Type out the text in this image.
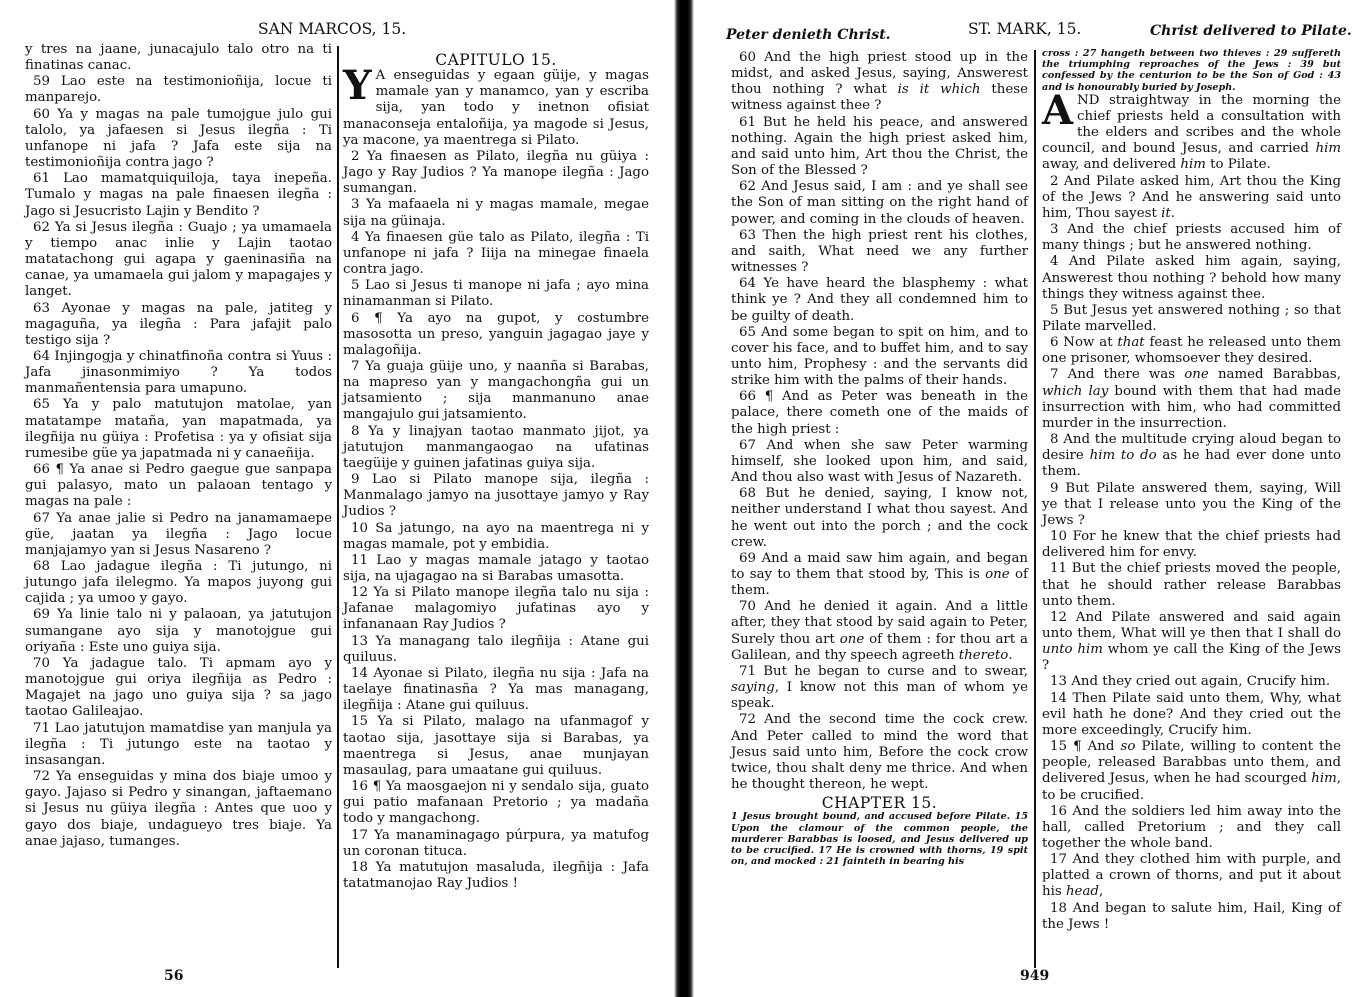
SAN MARCOS, 15.

y tres na jaane, junacajulo talo otro na ti finatinas canac.

59 Lao este na testimonioñija, locue ti manparejo.

60 Ya y magas na pale tumojgue julo gui talolo, ya jafaesen si Jesus ilegña : Ti unfanope ni jafa ? Jafa este sija na testimonioñija contra jago ?

61 Lao mamatquiquiloja, taya inepeña. Tumalo y magas na pale finaesen ilegña : Jago si Jesucristo Lajin y Bendito ?

62 Ya si Jesus ilegña : Guajo ; ya umamaela y tiempo anac inlie y Lajin taotao matatachong gui agapa y gaeninasiña na canae, ya umamaela gui jalom y mapagajes y langet.

63 Ayonae y magas na pale, jatiteg y magaguña, ya ilegña : Para jafajit palo testigo sija ?

64 Injingogja y chinatfinoña contra si Yuus : Jafa jinasonmimiyo ? Ya todos manmañentensia para umapuno.

65 Ya y palo matutujon matolae, yan matatampe mataña, yan mapatmada, ya ilegñija nu güiya : Profetisa : ya y ofisiat sija rumesibe güe ya japatmada ni y canaeñija.

66 ¶ Ya anae si Pedro gaegue gue sanpapa gui palasyo, mato un palaoan tentago y magas na pale :

67 Ya anae jalie si Pedro na janamamaepe güe, jaatan ya ilegña : Jago locue manjajamyo yan si Jesus Nasareno ?

68 Lao jadague ilegña : Ti jutungo, ni jutungo jafa ilelegmo. Ya mapos juyong gui cajida ; ya umoo y gayo.

69 Ya linie talo ni y palaoan, ya jatutujon sumangane ayo sija y manotojgue gui oriyaña : Este uno guiya sija.

70 Ya jadague talo. Ti apmam ayo y manotojgue gui oriya ilegñija as Pedro : Magajet na jago uno guiya sija ? sa jago taotao Galileajao.

71 Lao jatutujon mamatdise yan manjula ya ilegña : Ti jutungo este na taotao y insasangan.

72 Ya enseguidas y mina dos biaje umoo y gayo. Jajaso si Pedro y sinangan, jaftaemano si Jesus nu güiya ilegña : Antes que uoo y gayo dos biaje, undagueyo tres biaje. Ya anae jajaso, tumanges.

CAPITULO 15.

Y A enseguidas y egaan güije, y magas mamale yan y manamco, yan y escriba sija, yan todo y inetnon ofisiat manaconseja entaloñija, ya magode si Jesus, ya macone, ya maentrega si Pilato.

2 Ya finaesen as Pilato, ilegña nu güiya : Jago y Ray Judios ? Ya manope ilegña : Jago sumangan.

3 Ya mafaaela ni y magas mamale, megae sija na güinaja.

4 Ya finaesen güe talo as Pilato, ilegña : Ti unfanope ni jafa ? Iiija na minegae finaela contra jago.

5 Lao si Jesus ti manope ni jafa ; ayo mina ninamanman si Pilato.

6 ¶ Ya ayo na gupot, y costumbre masosotta un preso, yanguin jagagao jaye y malagoñija.

7 Ya guaja güije uno, y naanña si Barabas, na mapreso yan y mangachongña gui un jatsamiento ; sija manmanuno anae mangajulo gui jatsamiento.

8 Ya y linajyan taotao manmato jijot, ya jatutujon manmangaogao na ufatinas taegüije y guinen jafatinas guiya sija.

9 Lao si Pilato manope sija, ilegña : Manmalago jamyo na jusottaye jamyo y Ray Judios ?

10 Sa jatungo, na ayo na maentrega ni y magas mamale, pot y embidia.

11 Lao y magas mamale jatago y taotao sija, na ujagagao na si Barabas umasotta.

12 Ya si Pilato manope ilegña talo nu sija : Jafanae malagomiyo jufatinas ayo y infananaan Ray Judios ?

13 Ya managang talo ilegñija : Atane gui quiluus.

14 Ayonae si Pilato, ilegña nu sija : Jafa na taelaye finatinasña ? Ya mas managang, ilegñija : Atane gui quiluus.

15 Ya si Pilato, malago na ufanmagof y taotao sija, jasottaye sija si Barabas, ya maentrega si Jesus, anae munjayan masaulag, para umaatane gui quiluus.

16 ¶ Ya maosgaejon ni y sendalo sija, guato gui patio mafanaan Pretorio ; ya madaña todo y mangachong.

17 Ya manaminagago púrpura, ya matufog un coronan tituca.

18 Ya matutujon masaluda, ilegñija : Jafa tatatmanojao Ray Judios !

56
Peter denieth Christ.	ST. MARK, 15.	Christ delivered to Pilate.

60 And the high priest stood up in the midst, and asked Jesus, saying, Answerest thou nothing ? what is it which these witness against thee ?

61 But he held his peace, and answered nothing. Again the high priest asked him, and said unto him, Art thou the Christ, the Son of the Blessed ?

62 And Jesus said, I am : and ye shall see the Son of man sitting on the right hand of power, and coming in the clouds of heaven.

63 Then the high priest rent his clothes, and saith, What need we any further witnesses ?

64 Ye have heard the blasphemy : what think ye ? And they all condemned him to be guilty of death.

65 And some began to spit on him, and to cover his face, and to buffet him, and to say unto him, Prophesy : and the servants did strike him with the palms of their hands.

66 ¶ And as Peter was beneath in the palace, there cometh one of the maids of the high priest :

67 And when she saw Peter warming himself, she looked upon him, and said, And thou also wast with Jesus of Nazareth.

68 But he denied, saying, I know not, neither understand I what thou sayest. And he went out into the porch ; and the cock crew.

69 And a maid saw him again, and began to say to them that stood by, This is one of them.

70 And he denied it again. And a little after, they that stood by said again to Peter, Surely thou art one of them : for thou art a Galilean, and thy speech agreeth thereto.

71 But he began to curse and to swear, saying, I know not this man of whom ye speak.

72 And the second time the cock crew. And Peter called to mind the word that Jesus said unto him, Before the cock crow twice, thou shalt deny me thrice. And when he thought thereon, he wept.

CHAPTER 15.

1 Jesus brought bound, and accused before Pilate. 15 Upon the clamour of the common people, the murderer Barabbas is loosed, and Jesus delivered up to be crucified. 17 He is crowned with thorns, 19 spit on, and mocked : 21 fainteth in bearing his

cross : 27 hangeth between two thieves : 29 suffereth the triumphing reproaches of the Jews : 39 but confessed by the centurion to be the Son of God : 43 and is honourably buried by Joseph.

AND straightway in the morning the chief priests held a consultation with the elders and scribes and the whole council, and bound Jesus, and carried him away, and delivered him to Pilate.

2 And Pilate asked him, Art thou the King of the Jews ? And he answering said unto him, Thou sayest it.

3 And the chief priests accused him of many things ; but he answered nothing.

4 And Pilate asked him again, saying, Answerest thou nothing ? behold how many things they witness against thee.

5 But Jesus yet answered nothing ; so that Pilate marvelled.

6 Now at that feast he released unto them one prisoner, whomsoever they desired.

7 And there was one named Barabbas, which lay bound with them that had made insurrection with him, who had committed murder in the insurrection.

8 And the multitude crying aloud began to desire him to do as he had ever done unto them.

9 But Pilate answered them, saying, Will ye that I release unto you the King of the Jews ?

10 For he knew that the chief priests had delivered him for envy.

11 But the chief priests moved the people, that he should rather release Barabbas unto them.

12 And Pilate answered and said again unto them, What will ye then that I shall do unto him whom ye call the King of the Jews ?

13 And they cried out again, Crucify him.

14 Then Pilate said unto them, Why, what evil hath he done? And they cried out the more exceedingly, Crucify him.

15 ¶ And so Pilate, willing to content the people, released Barabbas unto them, and delivered Jesus, when he had scourged him, to be crucified.

16 And the soldiers led him away into the hall, called Pretorium ; and they call together the whole band.

17 And they clothed him with purple, and platted a crown of thorns, and put it about his head,

18 And began to salute him, Hail, King of the Jews !

949
